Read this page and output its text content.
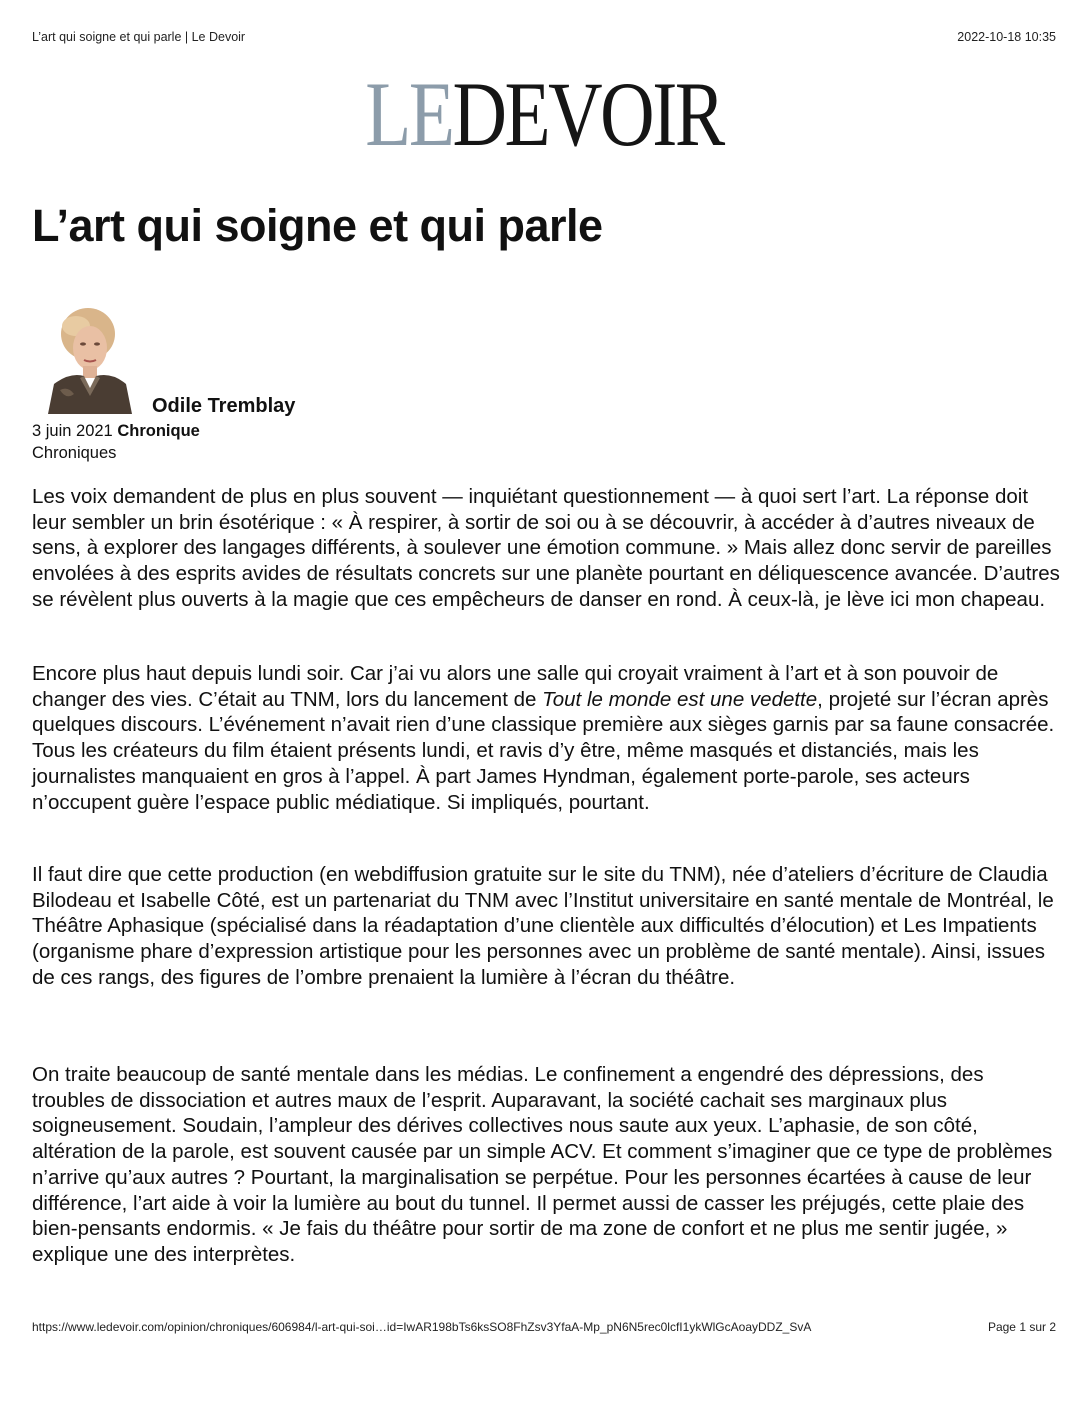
L’art qui soigne et qui parle | Le Devoir	2022-10-18 10:35
LEDEVOIR
L’art qui soigne et qui parle
Odile Tremblay
3 juin 2021 Chronique
Chroniques

Les voix demandent de plus en plus souvent — inquiétant questionnement — à quoi sert l’art. La réponse doit leur sembler un brin ésotérique : « À respirer, à sortir de soi ou à se découvrir, à accéder à d’autres niveaux de sens, à explorer des langages différents, à soulever une émotion commune. » Mais allez donc servir de pareilles envolées à des esprits avides de résultats concrets sur une planète pourtant en déliquescence avancée. D’autres se révèlent plus ouverts à la magie que ces empêcheurs de danser en rond. À ceux-là, je lève ici mon chapeau.

Encore plus haut depuis lundi soir. Car j’ai vu alors une salle qui croyait vraiment à l’art et à son pouvoir de changer des vies. C’était au TNM, lors du lancement de Tout le monde est une vedette, projeté sur l’écran après quelques discours. L’événement n’avait rien d’une classique première aux sièges garnis par sa faune consacrée. Tous les créateurs du film étaient présents lundi, et ravis d’y être, même masqués et distanciés, mais les journalistes manquaient en gros à l’appel. À part James Hyndman, également porte-parole, ses acteurs n’occupent guère l’espace public médiatique. Si impliqués, pourtant.

Il faut dire que cette production (en webdiffusion gratuite sur le site du TNM), née d’ateliers d’écriture de Claudia Bilodeau et Isabelle Côté, est un partenariat du TNM avec l’Institut universitaire en santé mentale de Montréal, le Théâtre Aphasique (spécialisé dans la réadaptation d’une clientèle aux difficultés d’élocution) et Les Impatients (organisme phare d’expression artistique pour les personnes avec un problème de santé mentale). Ainsi, issues de ces rangs, des figures de l’ombre prenaient la lumière à l’écran du théâtre.

On traite beaucoup de santé mentale dans les médias. Le confinement a engendré des dépressions, des troubles de dissociation et autres maux de l’esprit. Auparavant, la société cachait ses marginaux plus soigneusement. Soudain, l’ampleur des dérives collectives nous saute aux yeux. L’aphasie, de son côté, altération de la parole, est souvent causée par un simple ACV. Et comment s’imaginer que ce type de problèmes n’arrive qu’aux autres ? Pourtant, la marginalisation se perpétue. Pour les personnes écartées à cause de leur différence, l’art aide à voir la lumière au bout du tunnel. Il permet aussi de casser les préjugés, cette plaie des bien-pensants endormis. « Je fais du théâtre pour sortir de ma zone de confort et ne plus me sentir jugée, » explique une des interprètes.

https://www.ledevoir.com/opinion/chroniques/606984/l-art-qui-soi…id=IwAR198bTs6ksSO8FhZsv3YfaA-Mp_pN6N5rec0lcfI1ykWlGcAoayDDZ_SvA	Page 1 sur 2
